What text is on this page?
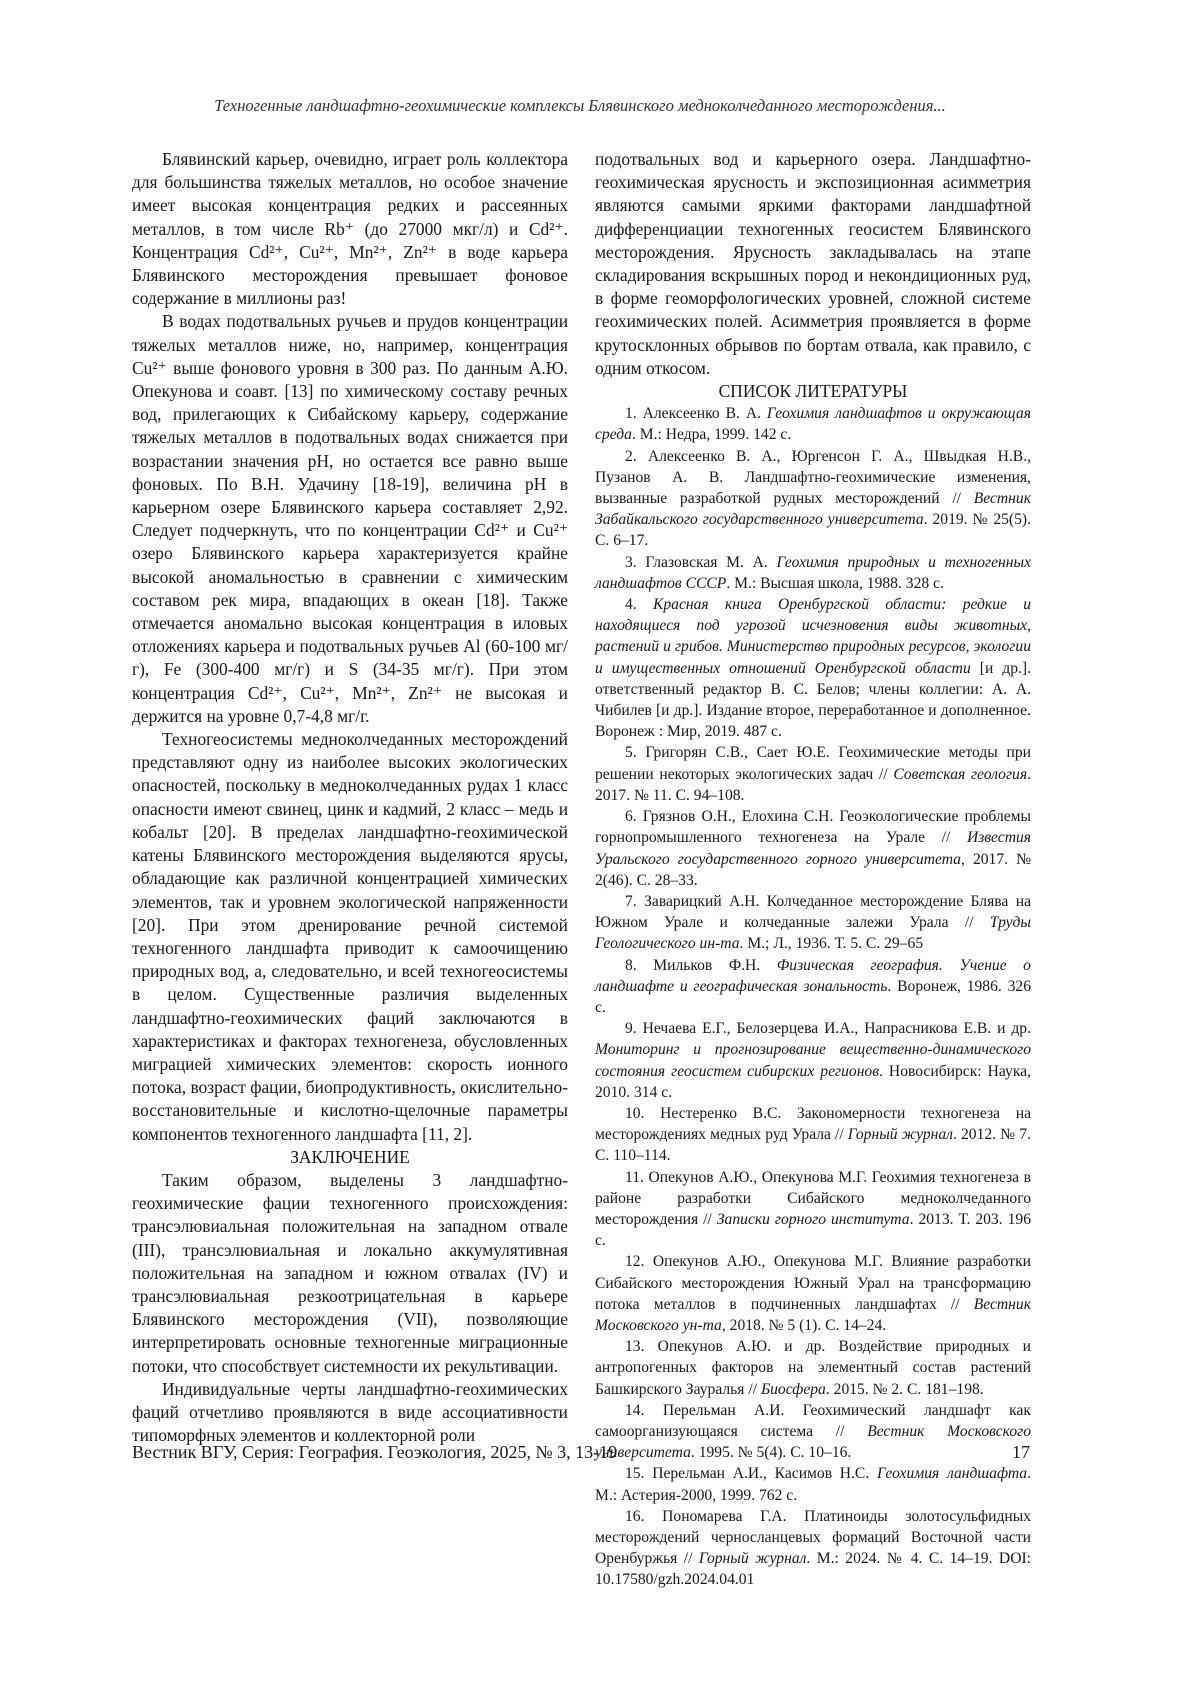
Техногенные ландшафтно-геохимические комплексы Блявинского медноколчеданного месторождения...

Блявинский карьер, очевидно, играет роль коллектора для большинства тяжелых металлов, но особое значение имеет высокая концентрация редких и рассеянных металлов, в том числе Rb⁺ (до 27000 мкг/л) и Cd²⁺. Концентрация Cd²⁺, Cu²⁺, Mn²⁺, Zn²⁺ в воде карьера Блявинского месторождения превышает фоновое содержание в миллионы раз!

В водах подотвальных ручьев и прудов концентрации тяжелых металлов ниже, но, например, концентрация Cu²⁺ выше фонового уровня в 300 раз. По данным А.Ю. Опекунова и соавт. [13] по химическому составу речных вод, прилегающих к Сибайскому карьеру, содержание тяжелых металлов в подотвальных водах снижается при возрастании значения pH, но остается все равно выше фоновых. По В.Н. Удачину [18-19], величина pH в карьерном озере Блявинского карьера составляет 2,92. Следует подчеркнуть, что по концентрации Cd²⁺ и Cu²⁺ озеро Блявинского карьера характеризуется крайне высокой аномальностью в сравнении с химическим составом рек мира, впадающих в океан [18]. Также отмечается аномально высокая концентрация в иловых отложениях карьера и подотвальных ручьев Al (60-100 мг/г), Fe (300-400 мг/г) и S (34-35 мг/г). При этом концентрация Cd²⁺, Cu²⁺, Mn²⁺, Zn²⁺ не высокая и держится на уровне 0,7-4,8 мг/г.

Техногеосистемы медноколчеданных месторождений представляют одну из наиболее высоких экологических опасностей, поскольку в медноколчеданных рудах 1 класс опасности имеют свинец, цинк и кадмий, 2 класс – медь и кобальт [20]. В пределах ландшафтно-геохимической катены Блявинского месторождения выделяются ярусы, обладающие как различной концентрацией химических элементов, так и уровнем экологической напряженности [20]. При этом дренирование речной системой техногенного ландшафта приводит к самоочищению природных вод, а, следовательно, и всей техногеосистемы в целом. Существенные различия выделенных ландшафтно-геохимических фаций заключаются в характеристиках и факторах техногенеза, обусловленных миграцией химических элементов: скорость ионного потока, возраст фации, биопродуктивность, окислительно-восстановительные и кислотно-щелочные параметры компонентов техногенного ландшафта [11, 2].

ЗАКЛЮЧЕНИЕ

Таким образом, выделены 3 ландшафтно-геохимические фации техногенного происхождения: трансэлювиальная положительная на западном отвале (III), трансэлювиальная и локально аккумулятивная положительная на западном и южном отвалах (IV) и трансэлювиальная резкоотрицательная в карьере Блявинского месторождения (VII), позволяющие интерпретировать основные техногенные миграционные потоки, что способствует системности их рекультивации.

Индивидуальные черты ландшафтно-геохимических фаций отчетливо проявляются в виде ассоциативности типоморфных элементов и коллекторной роли

подотвальных вод и карьерного озера. Ландшафтно-геохимическая ярусность и экспозиционная асимметрия являются самыми яркими факторами ландшафтной дифференциации техногенных геосистем Блявинского месторождения. Ярусность закладывалась на этапе складирования вскрышных пород и некондиционных руд, в форме геоморфологических уровней, сложной системе геохимических полей. Асимметрия проявляется в форме крутосклонных обрывов по бортам отвала, как правило, с одним откосом.

СПИСОК ЛИТЕРАТУРЫ
1. Алексеенко В. А. Геохимия ландшафтов и окружающая среда. М.: Недра, 1999. 142 с.
2. Алексеенко В. А., Юргенсон Г. А., Швыдкая Н.В., Пузанов А. В. Ландшафтно-геохимические изменения, вызванные разработкой рудных месторождений // Вестник Забайкальского государственного университета. 2019. № 25(5). С. 6–17.
3. Глазовская М. А. Геохимия природных и техногенных ландшафтов СССР. М.: Высшая школа, 1988. 328 с.
4. Красная книга Оренбургской области: редкие и находящиеся под угрозой исчезновения виды животных, растений и грибов. Министерство природных ресурсов, экологии и имущественных отношений Оренбургской области [и др.]. ответственный редактор В. С. Белов; члены коллегии: А. А. Чибилев [и др.]. Издание второе, переработанное и дополненное. Воронеж : Мир, 2019. 487 с.
5. Григорян С.В., Сает Ю.Е. Геохимические методы при решении некоторых экологических задач // Советская геология. 2017. № 11. С. 94–108.
6. Грязнов О.Н., Елохина С.Н. Геоэкологические проблемы горнопромышленного техногенеза на Урале // Известия Уральского государственного горного университета, 2017. № 2(46). С. 28–33.
7. Заварицкий А.Н. Колчеданное месторождение Блява на Южном Урале и колчеданные залежи Урала // Труды Геологического ин-та. М.; Л., 1936. Т. 5. С. 29–65
8. Мильков Ф.Н. Физическая география. Учение о ландшафте и географическая зональность. Воронеж, 1986. 326 с.
9. Нечаева Е.Г., Белозерцева И.А., Напрасникова Е.В. и др. Мониторинг и прогнозирование вещественно-динамического состояния геосистем сибирских регионов. Новосибирск: Наука, 2010. 314 с.
10. Нестеренко В.С. Закономерности техногенеза на месторождениях медных руд Урала // Горный журнал. 2012. № 7. С. 110–114.
11. Опекунов А.Ю., Опекунова М.Г. Геохимия техногенеза в районе разработки Сибайского медноколчеданного месторождения // Записки горного института. 2013. Т. 203. 196 с.
12. Опекунов А.Ю., Опекунова М.Г. Влияние разработки Сибайского месторождения Южный Урал на трансформацию потока металлов в подчиненных ландшафтах // Вестник Московского ун-та, 2018. № 5 (1). С. 14–24.
13. Опекунов А.Ю. и др. Воздействие природных и антропогенных факторов на элементный состав растений Башкирского Зауралья // Биосфера. 2015. № 2. С. 181–198.
14. Перельман А.И. Геохимический ландшафт как самоорганизующаяся система // Вестник Московского университета. 1995. № 5(4). С. 10–16.
15. Перельман А.И., Касимов Н.С. Геохимия ландшафта. М.: Астерия-2000, 1999. 762 с.
16. Пономарева Г.А. Платиноиды золотосульфидных месторождений черносланцевых формаций Восточной части Оренбуржья // Горный журнал. М.: 2024. № 4. С. 14–19. DOI: 10.17580/gzh.2024.04.01
Вестник ВГУ, Серия: География. Геоэкология, 2025, № 3, 13-19	17
